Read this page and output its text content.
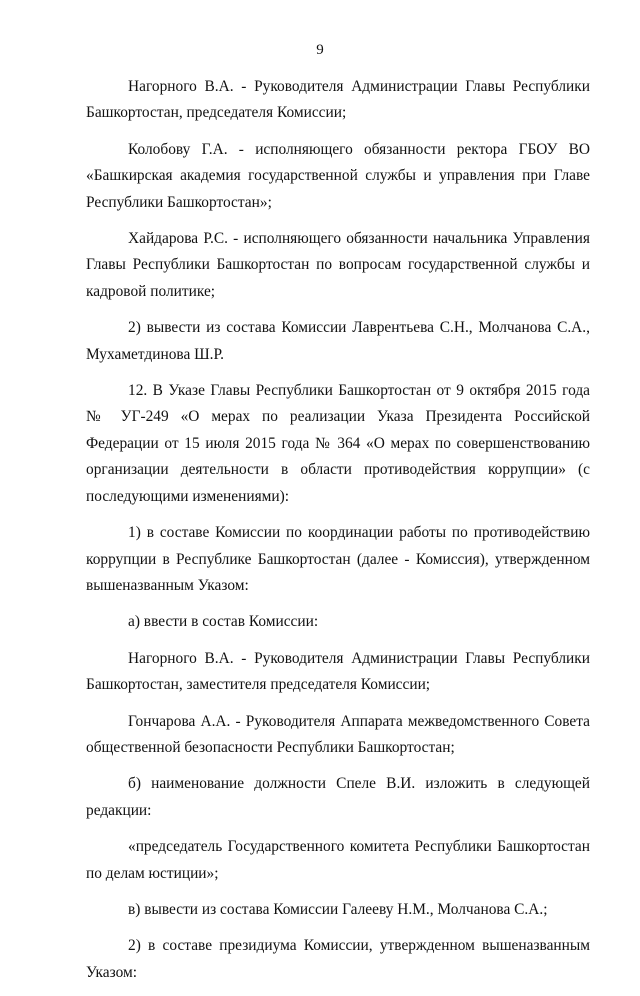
9

Нагорного В.А. - Руководителя Администрации Главы Республики Башкортостан, председателя Комиссии;

Колобову Г.А. - исполняющего обязанности ректора ГБОУ ВО «Башкирская академия государственной службы и управления при Главе Республики Башкортостан»;

Хайдарова Р.С. - исполняющего обязанности начальника Управления Главы Республики Башкортостан по вопросам государственной службы и кадровой политике;

2) вывести из состава Комиссии Лаврентьева С.Н., Молчанова С.А., Мухаметдинова Ш.Р.

12. В Указе Главы Республики Башкортостан от 9 октября 2015 года № УГ-249 «О мерах по реализации Указа Президента Российской Федерации от 15 июля 2015 года № 364 «О мерах по совершенствованию организации деятельности в области противодействия коррупции» (с последующими изменениями):

1) в составе Комиссии по координации работы по противодействию коррупции в Республике Башкортостан (далее - Комиссия), утвержденном вышеназванным Указом:

а) ввести в состав Комиссии:

Нагорного В.А. - Руководителя Администрации Главы Республики Башкортостан, заместителя председателя Комиссии;

Гончарова А.А. - Руководителя Аппарата межведомственного Совета общественной безопасности Республики Башкортостан;

б) наименование должности Спеле В.И. изложить в следующей редакции:

«председатель Государственного комитета Республики Башкортостан по делам юстиции»;

в) вывести из состава Комиссии Галееву Н.М., Молчанова С.А.;

2) в составе президиума Комиссии, утвержденном вышеназванным Указом:
